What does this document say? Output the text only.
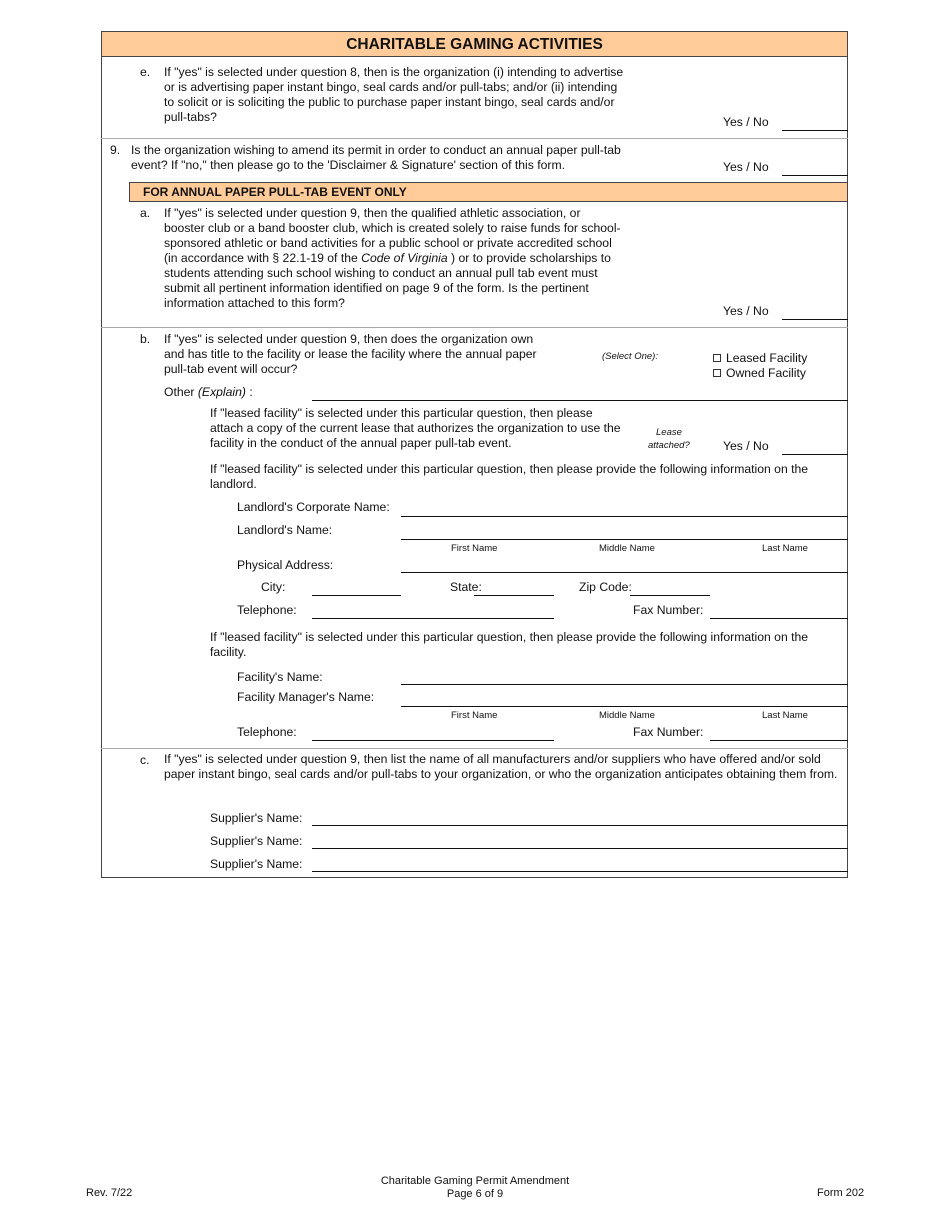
CHARITABLE GAMING ACTIVITIES
e. If "yes" is selected under question 8, then is the organization (i) intending to advertise
or is advertising paper instant bingo, seal cards and/or pull-tabs; and/or (ii) intending
to solicit or is soliciting the public to purchase paper instant bingo, seal cards and/or
pull-tabs?	Yes / No
9. Is the organization wishing to amend its permit in order to conduct an annual paper pull-tab
event? If "no," then please go to the 'Disclaimer & Signature' section of this form.	Yes / No
FOR ANNUAL PAPER PULL-TAB EVENT ONLY
a. If "yes" is selected under question 9, then the qualified athletic association, or
booster club or a band booster club, which is created solely to raise funds for school-
sponsored athletic or band activities for a public school or private accredited school
(in accordance with § 22.1-19 of the Code of Virginia ) or to provide scholarships to
students attending such school wishing to conduct an annual pull tab event must
submit all pertinent information identified on page 9 of the form. Is the pertinent
information attached to this form?
Yes / No
b. If "yes" is selected under question 9, then does the organization own
and has title to the facility or lease the facility where the annual paper
pull-tab event will occur?
(Select One):	Leased Facility
Owned Facility
Other (Explain) :
If "leased facility" is selected under this particular question, then please
attach a copy of the current lease that authorizes the organization to use the
facility in the conduct of the annual paper pull-tab event.
Lease
attached?	Yes / No
If "leased facility" is selected under this particular question, then please provide the following information on the
landlord.
Landlord's Corporate Name:
Landlord's Name:
First Name	Middle Name	Last Name
Physical Address:
City:	State:	Zip Code:
Telephone:	Fax Number:
If "leased facility" is selected under this particular question, then please provide the following information on the
facility.
Facility's Name:
Facility Manager's Name:
First Name	Middle Name	Last Name
Telephone:	Fax Number:
c. If "yes" is selected under question 9, then list the name of all manufacturers and/or suppliers who have offered and/or sold
paper instant bingo, seal cards and/or pull-tabs to your organization, or who the organization anticipates obtaining them from.
Supplier's Name:
Supplier's Name:
Supplier's Name:
Rev. 7/22
Charitable Gaming Permit Amendment
Page 6 of 9	Form 202
